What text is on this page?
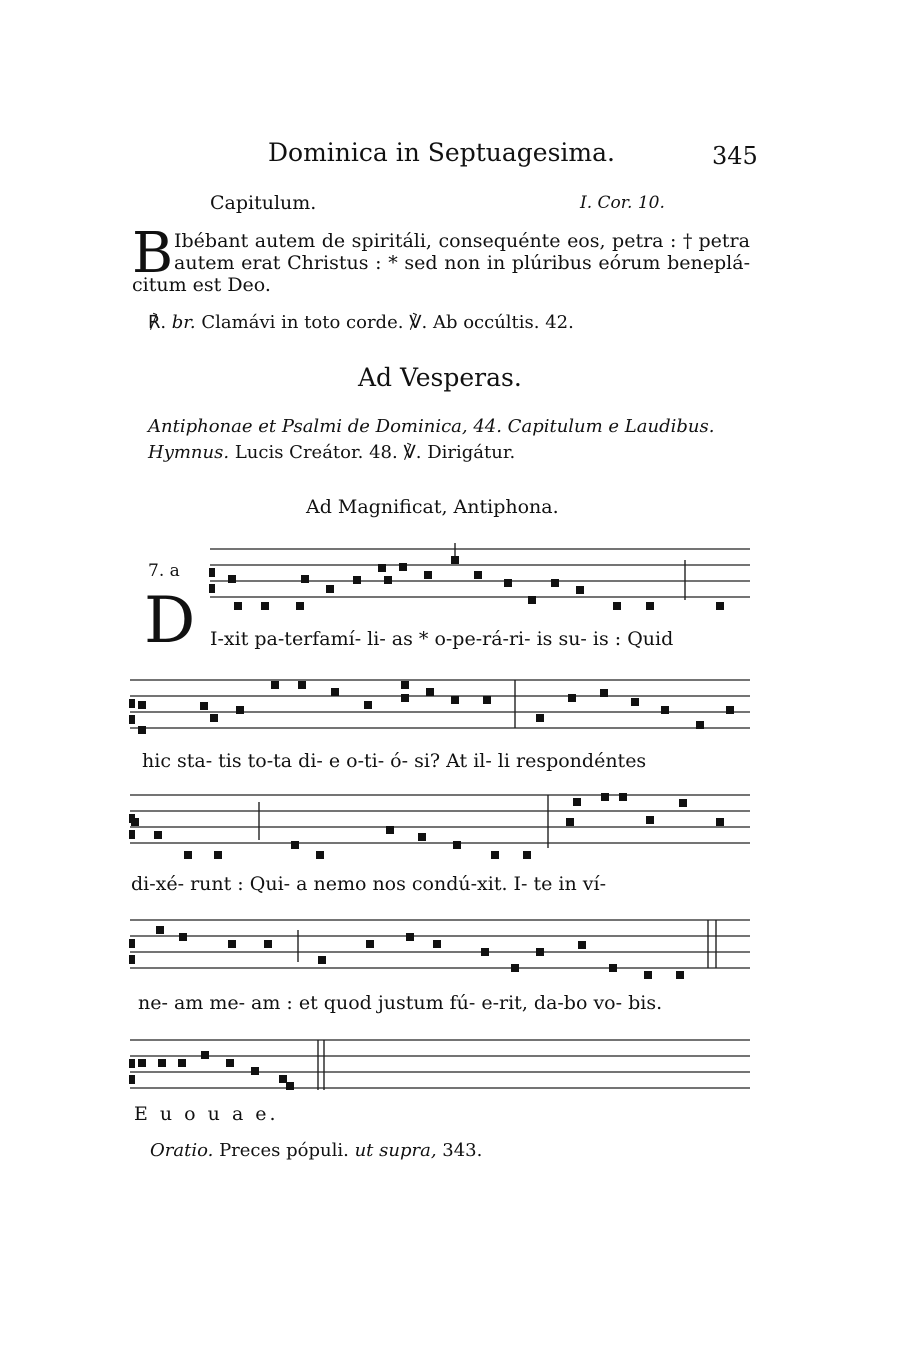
Dominica in Septuagesima.	345
Capitulum.	I. Cor. 10.
B Ibébant autem de spiritáli, consequénte eos, petra : † petra
autem erat Christus : * sed non in plúribus eórum beneplá-
citum est Deo.
℟. br. Clamávi in toto corde. ℣. Ab occúltis. 42.
Ad Vesperas.
Antiphonae et Psalmi de Dominica, 44. Capitulum e Laudibus.
Hymnus. Lucis Creátor. 48. ℣. Dirigátur.
Ad Magnificat, Antiphona.
7. a
D I-xit pa-terfamí- li- as * o-pe-rá-ri- is su- is : Quid
hic sta- tis to-ta di- e o-ti- ó- si? At il- li respondéntes
di-xé- runt : Qui- a nemo nos condú-xit. I- te in ví-
ne- am me- am : et quod justum fú- e-rit, da-bo vo- bis.
E u o u a e.
Oratio. Preces pópuli. ut supra, 343.
